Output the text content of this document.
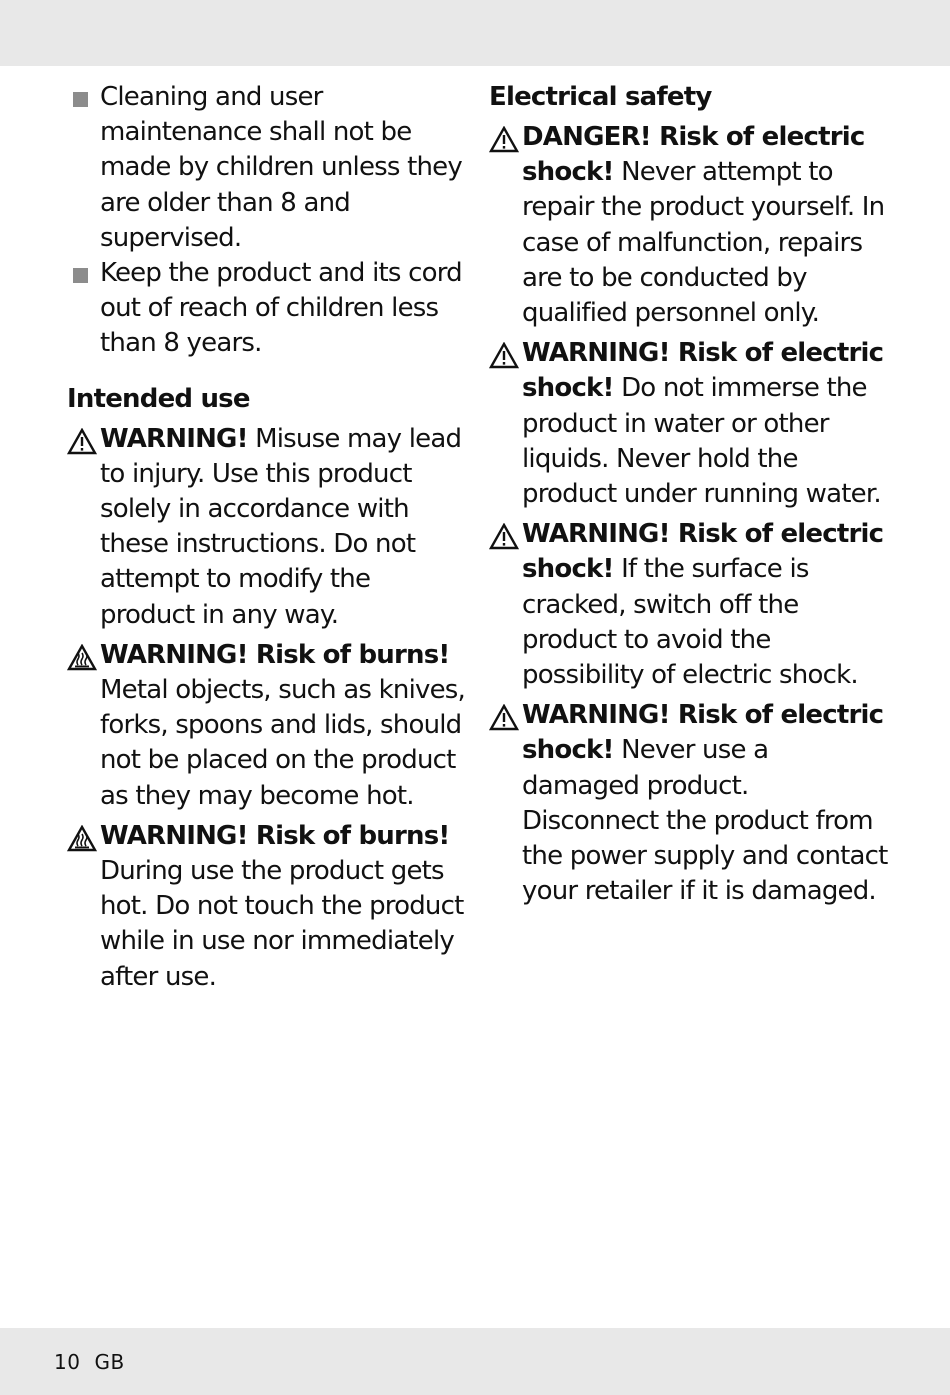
Cleaning and user maintenance shall not be made by children unless they are older than 8 and supervised.
Keep the product and its cord out of reach of children less than 8 years.
Intended use
WARNING! Misuse may lead to injury. Use this product solely in accordance with these instructions. Do not attempt to modify the product in any way.
WARNING! Risk of burns! Metal objects, such as knives, forks, spoons and lids, should not be placed on the product as they may become hot.
WARNING! Risk of burns! During use the product gets hot. Do not touch the product while in use nor immediately after use.
Electrical safety
DANGER! Risk of electric shock! Never attempt to repair the product yourself. In case of malfunction, repairs are to be conducted by qualified personnel only.
WARNING! Risk of electric shock! Do not immerse the product in water or other liquids. Never hold the product under running water.
WARNING! Risk of electric shock! If the surface is cracked, switch off the product to avoid the possibility of electric shock.
WARNING! Risk of electric shock! Never use a damaged product. Disconnect the product from the power supply and contact your retailer if it is damaged.
10 GB
